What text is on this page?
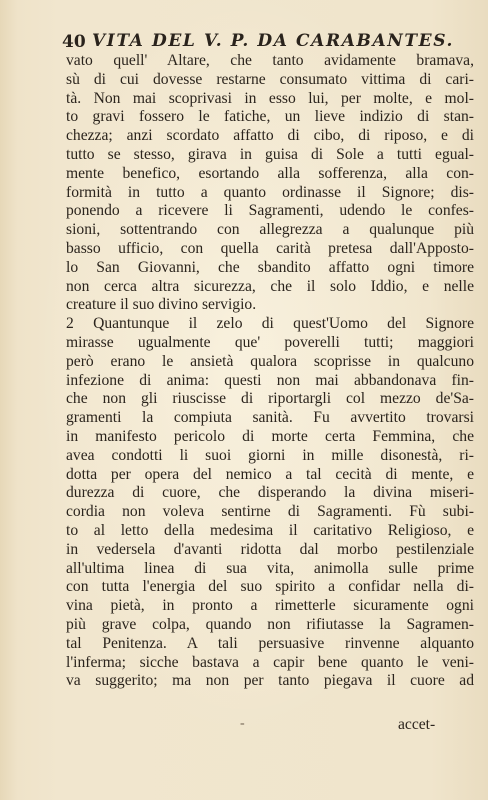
40 VITA DEL V. P. DA CARABANTES.
vato quell' Altare, che tanto avidamente bramava,
sù di cui dovesse restarne consumato vittima di cari-
tà. Non mai scoprivasi in esso lui, per molte, e mol-
to gravi fossero le fatiche, un lieve indizio di stan-
chezza; anzi scordato affatto di cibo, di riposo, e di
tutto se stesso, girava in guisa di Sole a tutti egual-
mente benefico, esortando alla sofferenza, alla con-
formità in tutto a quanto ordinasse il Signore; dis-
ponendo a ricevere li Sagramenti, udendo le confes-
sioni, sottentrando con allegrezza a qualunque più
basso ufficio, con quella carità pretesa dall'Apposto-
lo San Giovanni, che sbandito affatto ogni timore
non cerca altra sicurezza, che il solo Iddio, e nelle
creature il suo divino servigio.
2 Quantunque il zelo di quest'Uomo del Signore
mirasse ugualmente que' poverelli tutti; maggiori
però erano le ansietà qualora scoprisse in qualcuno
infezione di anima: questi non mai abbandonava fin-
che non gli riuscisse di riportargli col mezzo de'Sa-
gramenti la compiuta sanità. Fu avvertito trovarsi
in manifesto pericolo di morte certa Femmina, che
avea condotti li suoi giorni in mille disonestà, ri-
dotta per opera del nemico a tal cecità di mente, e
durezza di cuore, che disperando la divina miseri-
cordia non voleva sentirne di Sagramenti. Fù subi-
to al letto della medesima il caritativo Religioso, e
in vedersela d'avanti ridotta dal morbo pestilenziale
all'ultima linea di sua vita, animolla sulle prime
con tutta l'energia del suo spirito a confidar nella di-
vina pietà, in pronto a rimetterle sicuramente ogni
più grave colpa, quando non rifiutasse la Sagramen-
tal Penitenza. A tali persuasive rinvenne alquanto
l'inferma; sicche bastava a capir bene quanto le veni-
va suggerito; ma non per tanto piegava il cuore ad
-	accet-
